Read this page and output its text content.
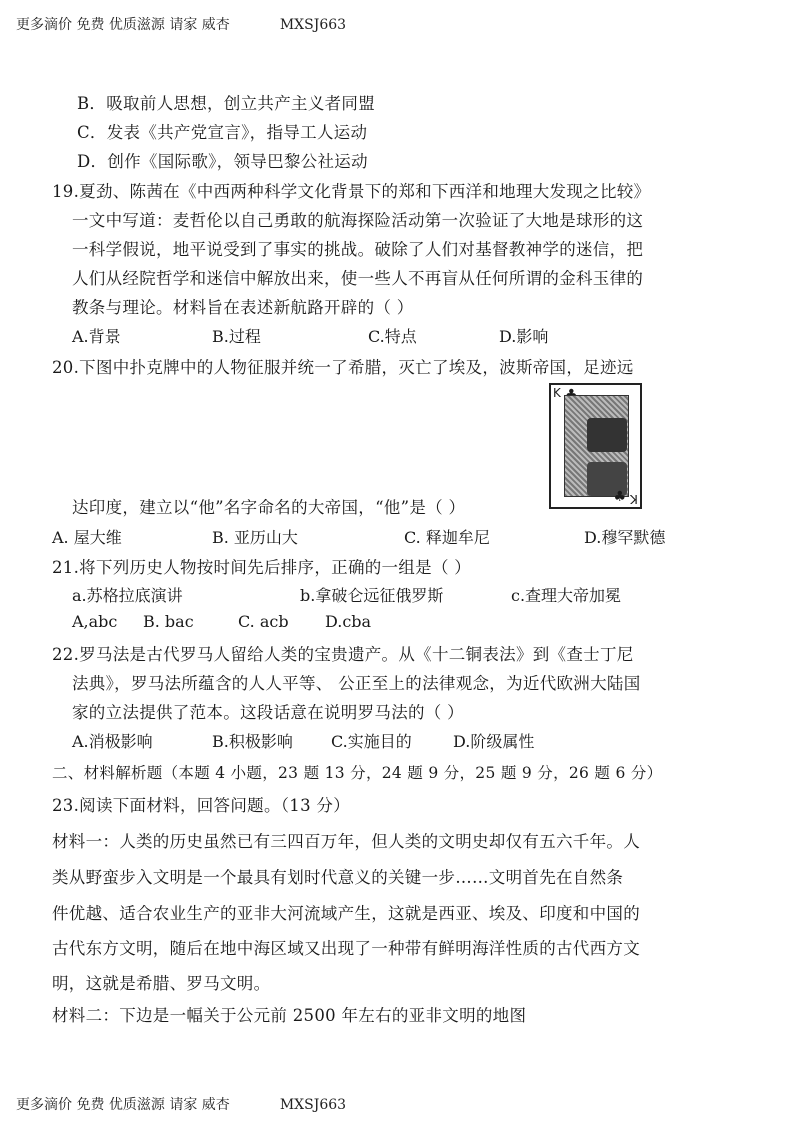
更多滴价 免费 优质滋源 请家 威杏	MXSJ663
B．吸取前人思想，创立共产主义者同盟
C．发表《共产党宣言》，指导工人运动
D．创作《国际歌》，领导巴黎公社运动
19.夏劲、陈茜在《中西两种科学文化背景下的郑和下西洋和地理大发现之比较》
一文中写道：麦哲伦以自己勇敢的航海探险活动第一次验证了大地是球形的这
一科学假说，地平说受到了事实的挑战。破除了人们对基督教神学的迷信，把
人们从经院哲学和迷信中解放出来，使一些人不再盲从任何所谓的金科玉律的
教条与理论。材料旨在表述新航路开辟的（ ）
A.背景	B.过程	C.特点	D.影响
20.下图中扑克牌中的人物征服并统一了希腊，灭亡了埃及，波斯帝国，足迹远
K
♣ K
达印度，建立以“他”名字命名的大帝国，“他”是（ ）
A. 屋大维	B. 亚历山大	C. 释迦牟尼	D.穆罕默德
21.将下列历史人物按时间先后排序，正确的一组是（ ）
a.苏格拉底演讲	b.拿破仑远征俄罗斯	c.查理大帝加冕
A,abc B. bac	C. acb D.cba
22.罗马法是古代罗马人留给人类的宝贵遗产。从《十二铜表法》到《查士丁尼
法典》，罗马法所蕴含的人人平等、 公正至上的法律观念，为近代欧洲大陆国
家的立法提供了范本。这段话意在说明罗马法的（ ）
A.消极影响	B.积极影响 C.实施目的	D.阶级属性
二、材料解析题（本题 4 小题，23 题 13 分，24 题 9 分，25 题 9 分，26 题 6 分）
23.阅读下面材料，回答问题。（13 分）
材料一：人类的历史虽然已有三四百万年，但人类的文明史却仅有五六千年。人
类从野蛮步入文明是一个最具有划时代意义的关键一步……文明首先在自然条
件优越、适合农业生产的亚非大河流域产生，这就是西亚、埃及、印度和中国的
古代东方文明，随后在地中海区域又出现了一种带有鲜明海洋性质的古代西方文
明，这就是希腊、罗马文明。
材料二：下边是一幅关于公元前 2500 年左右的亚非文明的地图
更多滴价 免费 优质滋源 请家 威杏	MXSJ663
